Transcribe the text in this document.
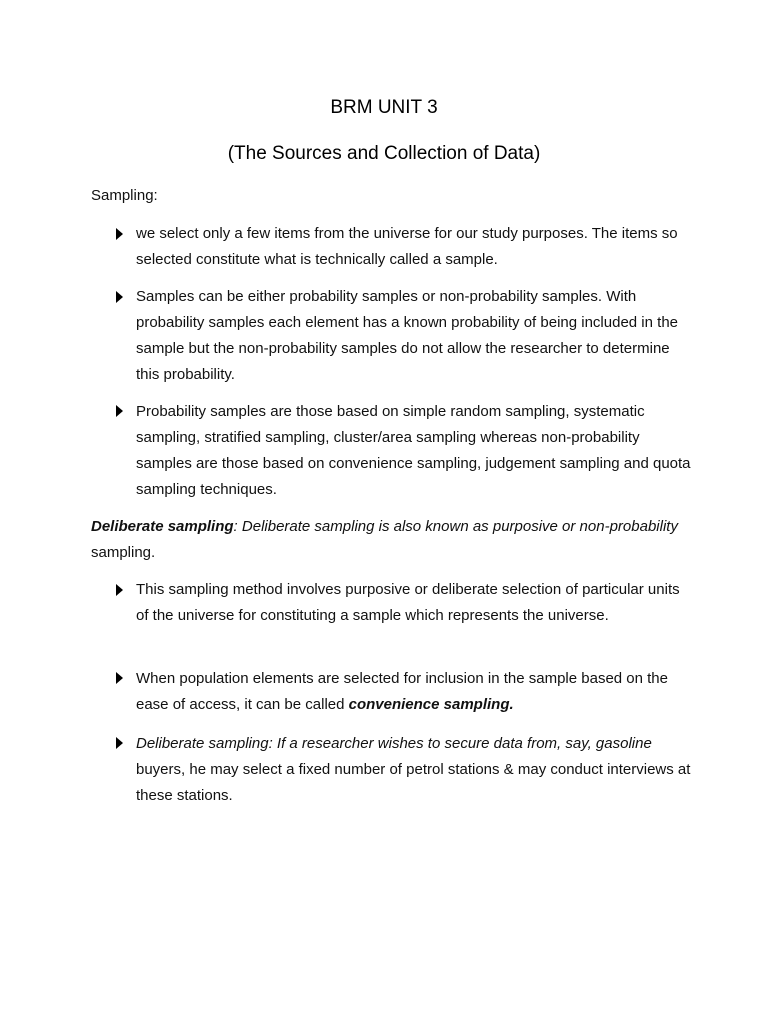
BRM UNIT 3
(The Sources and Collection of Data)
Sampling:
we select only a few items from the universe for our study purposes. The items so selected constitute what is technically called a sample.
Samples can be either probability samples or non-probability samples. With probability samples each element has a known probability of being included in the sample but the non-probability samples do not allow the researcher to determine this probability.
Probability samples are those based on simple random sampling, systematic sampling, stratified sampling, cluster/area sampling whereas non-probability samples are those based on convenience sampling, judgement sampling and quota sampling techniques.
Deliberate sampling: Deliberate sampling is also known as purposive or non-probability sampling.
This sampling method involves purposive or deliberate selection of particular units of the universe for constituting a sample which represents the universe.
When population elements are selected for inclusion in the sample based on the ease of access, it can be called convenience sampling.
Deliberate sampling: If a researcher wishes to secure data from, say, gasoline buyers, he may select a fixed number of petrol stations & may conduct interviews at these stations.
